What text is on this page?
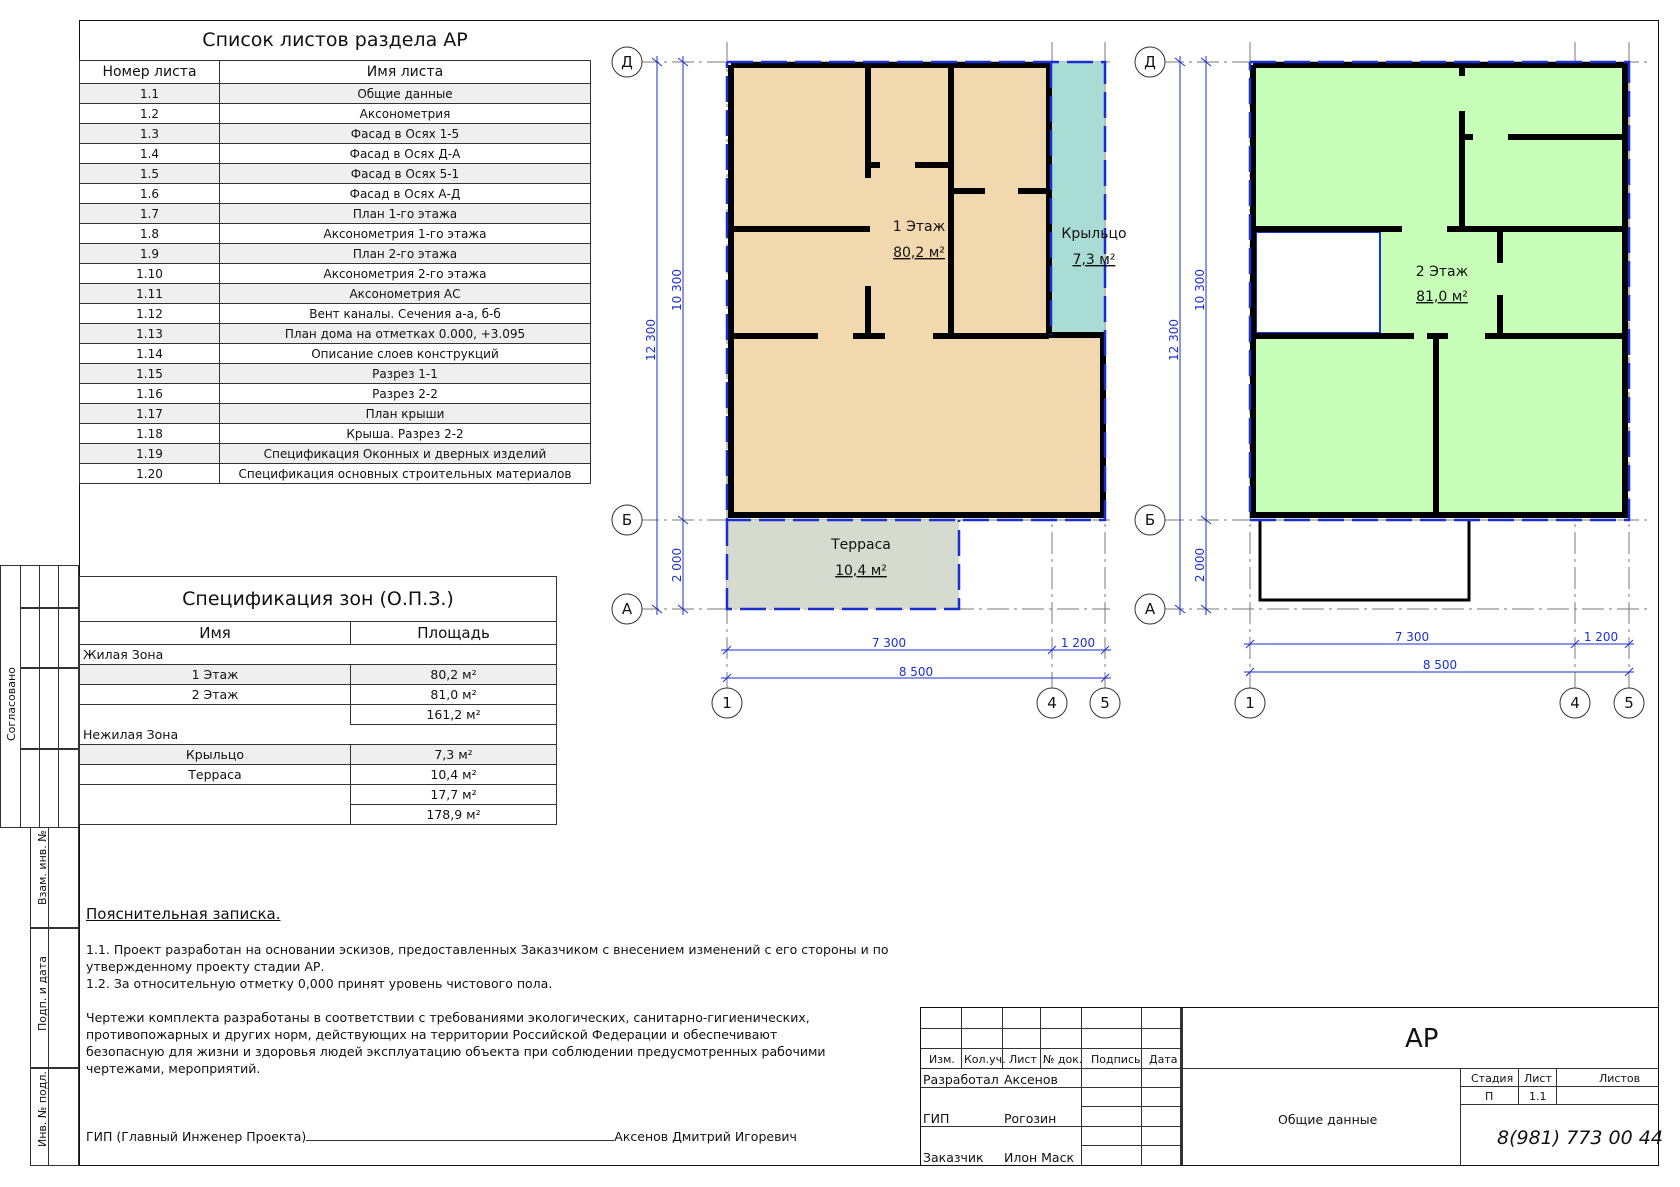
Список листов раздела АР	
Номер листа	Имя листа
1.1	Общие данные
1.2	Аксонометрия
1.3	Фасад в Осях 1-5
1.4	Фасад в Осях Д-А
1.5	Фасад в Осях 5-1
1.6	Фасад в Осях А-Д
1.7	План 1-го этажа
1.8	Аксонометрия 1-го этажа
1.9	План 2-го этажа
1.10	Аксонометрия 2-го этажа
1.11	Аксонометрия АС
1.12	Вент каналы. Сечения а-а, б-б
1.13	План дома на отметках 0.000, +3.095
1.14	Описание слоев конструкций
1.15	Разрез 1-1
1.16	Разрез 2-2
1.17	План крыши
1.18	Крыша. Разрез 2-2
1.19	Спецификация Оконных и дверных изделий
1.20	Спецификация основных строительных материалов
Спецификация зон (О.П.З.)	
Имя	Площадь
Жилая Зона	
1 Этаж	80,2 м²
2 Этаж	81,0 м²
	161,2 м²
Нежилая Зона	
Крыльцо	7,3 м²
Терраса	10,4 м²
	17,7 м²
	178,9 м²
Согласовано
Взам. инв. №
Подп. и дата
Инв. № подл.
1 Этаж
80,2 м²
Крыльцо
7,3 м²
Терраса
10,4 м²
2 Этаж
81,0 м²
12 300
10 300
2 000
7 300	1 200
8 500
12 300
10 300
2 000
7 300	1 200
8 500
Д
Б
А
Д
Б
А
1	4	5	1	4	5
Пояснительная записка.
1.1. Проект разработан на основании эскизов, предоставленных Заказчиком с внесением изменений с его стороны и по утвержденному проекту стадии АР.
1.2. За относительную отметку 0,000 принят уровень чистового пола.
Чертежи комплекта разработаны в соответствии с требованиями экологических, санитарно-гигиенических, противопожарных и других норм, действующих на территории Российской Федерации и обеспечивают безопасную для жизни и здоровья людей эксплуатацию объекта при соблюдении предусмотренных рабочими чертежами, мероприятий.
ГИП (Главный Инженер Проекта)	Аксенов Дмитрий Игоревич
Изм. Кол.уч. Лист № док. Подпись Дата
Разработал Аксенов
ГИП	Рогозин
Заказчик Илон Маск
АР
Общие данные
Стадия Лист	Листов
П	1.1
8(981) 773 00 44
